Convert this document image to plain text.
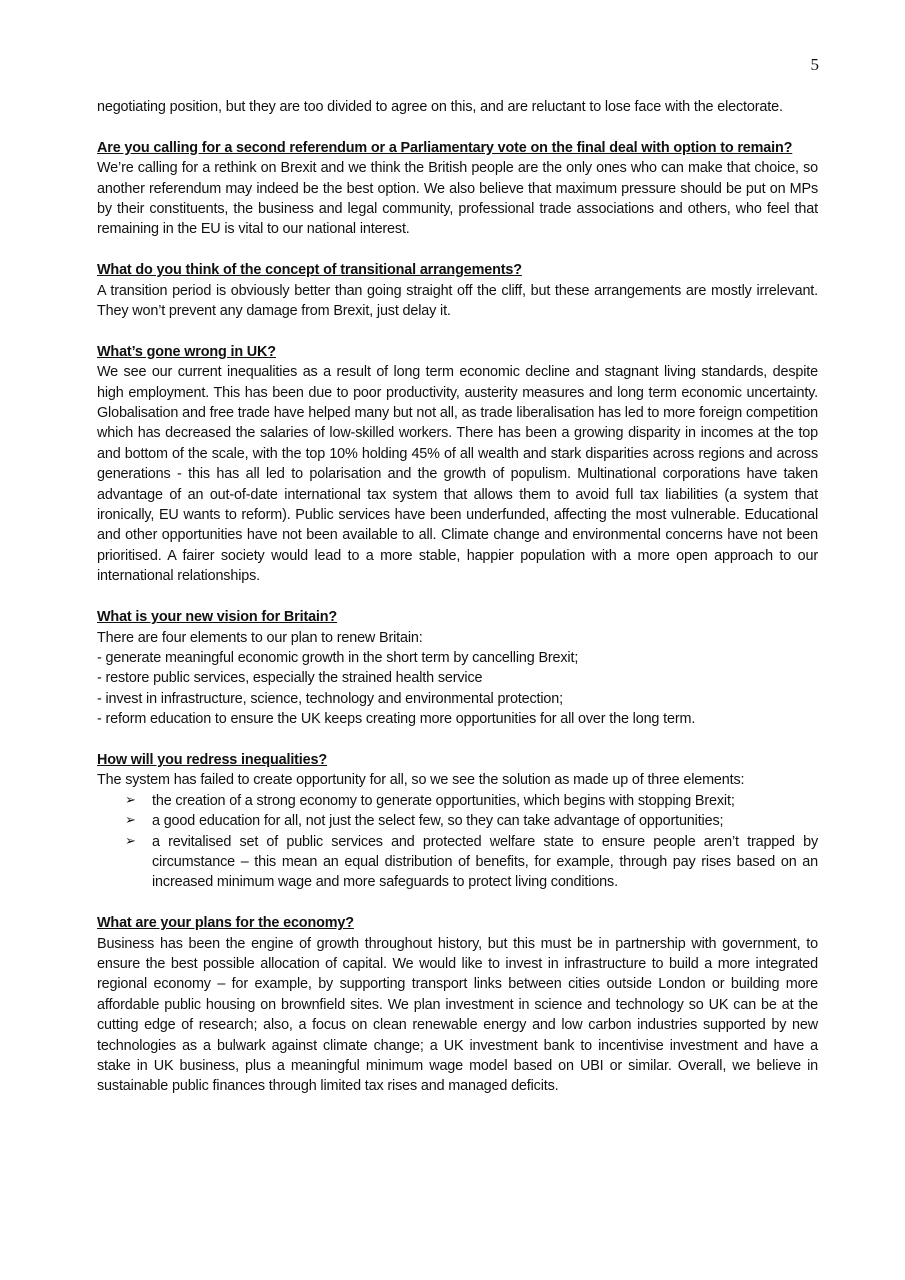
5

negotiating position, but they are too divided to agree on this, and are reluctant to lose face with the electorate.

Are you calling for a second referendum or a Parliamentary vote on the final deal with option to remain?

We’re calling for a rethink on Brexit and we think the British people are the only ones who can make that choice, so another referendum may indeed be the best option. We also believe that maximum pressure should be put on MPs by their constituents, the business and legal community, professional trade associations and others, who feel that remaining in the EU is vital to our national interest.

What do you think of the concept of transitional arrangements?

A transition period is obviously better than going straight off the cliff, but these arrangements are mostly irrelevant. They won’t prevent any damage from Brexit, just delay it.

What’s gone wrong in UK?

We see our current inequalities as a result of long term economic decline and stagnant living standards, despite high employment. This has been due to poor productivity, austerity measures and long term economic uncertainty. Globalisation and free trade have helped many but not all, as trade liberalisation has led to more foreign competition which has decreased the salaries of low-skilled workers. There has been a growing disparity in incomes at the top and bottom of the scale, with the top 10% holding 45% of all wealth and stark disparities across regions and across generations - this has all led to polarisation and the growth of populism. Multinational corporations have taken advantage of an out-of-date international tax system that allows them to avoid full tax liabilities (a system that ironically, EU wants to reform). Public services have been underfunded, affecting the most vulnerable. Educational and other opportunities have not been available to all. Climate change and environmental concerns have not been prioritised. A fairer society would lead to a more stable, happier population with a more open approach to our international relationships.

What is your new vision for Britain?

There are four elements to our plan to renew Britain:

- generate meaningful economic growth in the short term by cancelling Brexit;

- restore public services, especially the strained health service

- invest in infrastructure, science, technology and environmental protection;

- reform education to ensure the UK keeps creating more opportunities for all over the long term.

How will you redress inequalities?

The system has failed to create opportunity for all, so we see the solution as made up of three elements:

➢ the creation of a strong economy to generate opportunities, which begins with stopping Brexit;
➢ a good education for all, not just the select few, so they can take advantage of opportunities;
➢ a revitalised set of public services and protected welfare state to ensure people aren’t trapped by circumstance – this mean an equal distribution of benefits, for example, through pay rises based on an increased minimum wage and more safeguards to protect living conditions.

What are your plans for the economy?

Business has been the engine of growth throughout history, but this must be in partnership with government, to ensure the best possible allocation of capital. We would like to invest in infrastructure to build a more integrated regional economy – for example, by supporting transport links between cities outside London or building more affordable public housing on brownfield sites. We plan investment in science and technology so UK can be at the cutting edge of research; also, a focus on clean renewable energy and low carbon industries supported by new technologies as a bulwark against climate change; a UK investment bank to incentivise investment and have a stake in UK business, plus a meaningful minimum wage model based on UBI or similar. Overall, we believe in sustainable public finances through limited tax rises and managed deficits.
